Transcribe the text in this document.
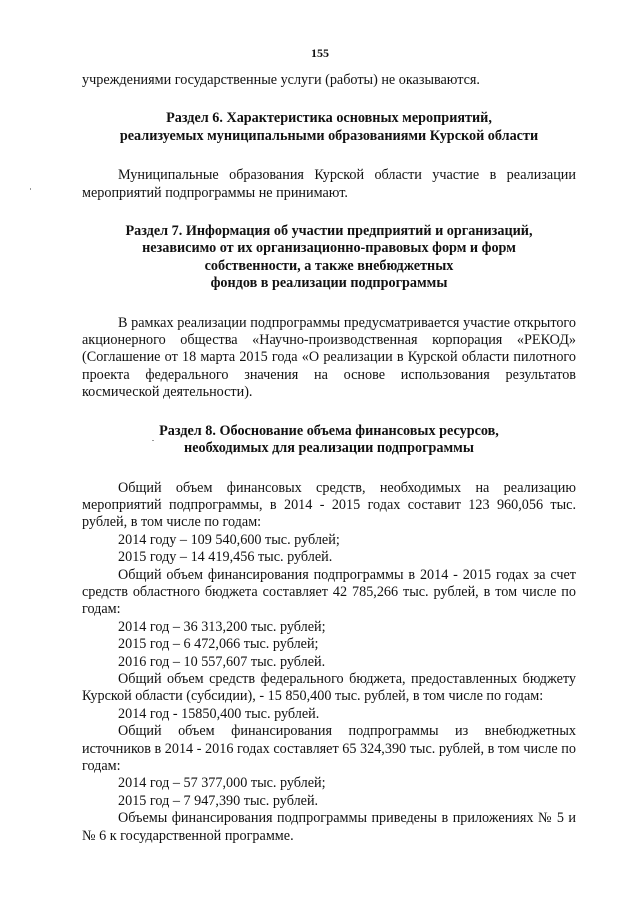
155

учреждениями государственные услуги (работы) не оказываются.

Раздел 6. Характеристика основных мероприятий,
реализуемых муниципальными образованиями Курской области

Муниципальные образования Курской области участие в реализации мероприятий подпрограммы не принимают.

Раздел 7. Информация об участии предприятий и организаций,
независимо от их организационно-правовых форм и форм
собственности, а также внебюджетных
фондов в реализации подпрограммы

В рамках реализации подпрограммы предусматривается участие открытого акционерного общества «Научно-производственная корпорация «РЕКОД» (Соглашение от 18 марта 2015 года «О реализации в Курской области пилотного проекта федерального значения на основе использования результатов космической деятельности).

Раздел 8. Обоснование объема финансовых ресурсов,
необходимых для реализации подпрограммы

Общий объем финансовых средств, необходимых на реализацию мероприятий подпрограммы, в 2014 - 2015 годах составит 123 960,056 тыс. рублей, в том числе по годам:

2014 году – 109 540,600 тыс. рублей;

2015 году – 14 419,456 тыс. рублей.

Общий объем финансирования подпрограммы в 2014 - 2015 годах за счет средств областного бюджета составляет 42 785,266 тыс. рублей, в том числе по годам:

2014 год – 36 313,200 тыс. рублей;

2015 год – 6 472,066 тыс. рублей;

2016 год – 10 557,607 тыс. рублей.

Общий объем средств федерального бюджета, предоставленных бюджету Курской области (субсидии), - 15 850,400 тыс. рублей, в том числе по годам:

2014 год - 15850,400 тыс. рублей.

Общий объем финансирования подпрограммы из внебюджетных источников в 2014 - 2016 годах составляет 65 324,390 тыс. рублей, в том числе по годам:

2014 год – 57 377,000 тыс. рублей;

2015 год – 7 947,390 тыс. рублей.

Объемы финансирования подпрограммы приведены в приложениях № 5 и № 6 к государственной программе.
